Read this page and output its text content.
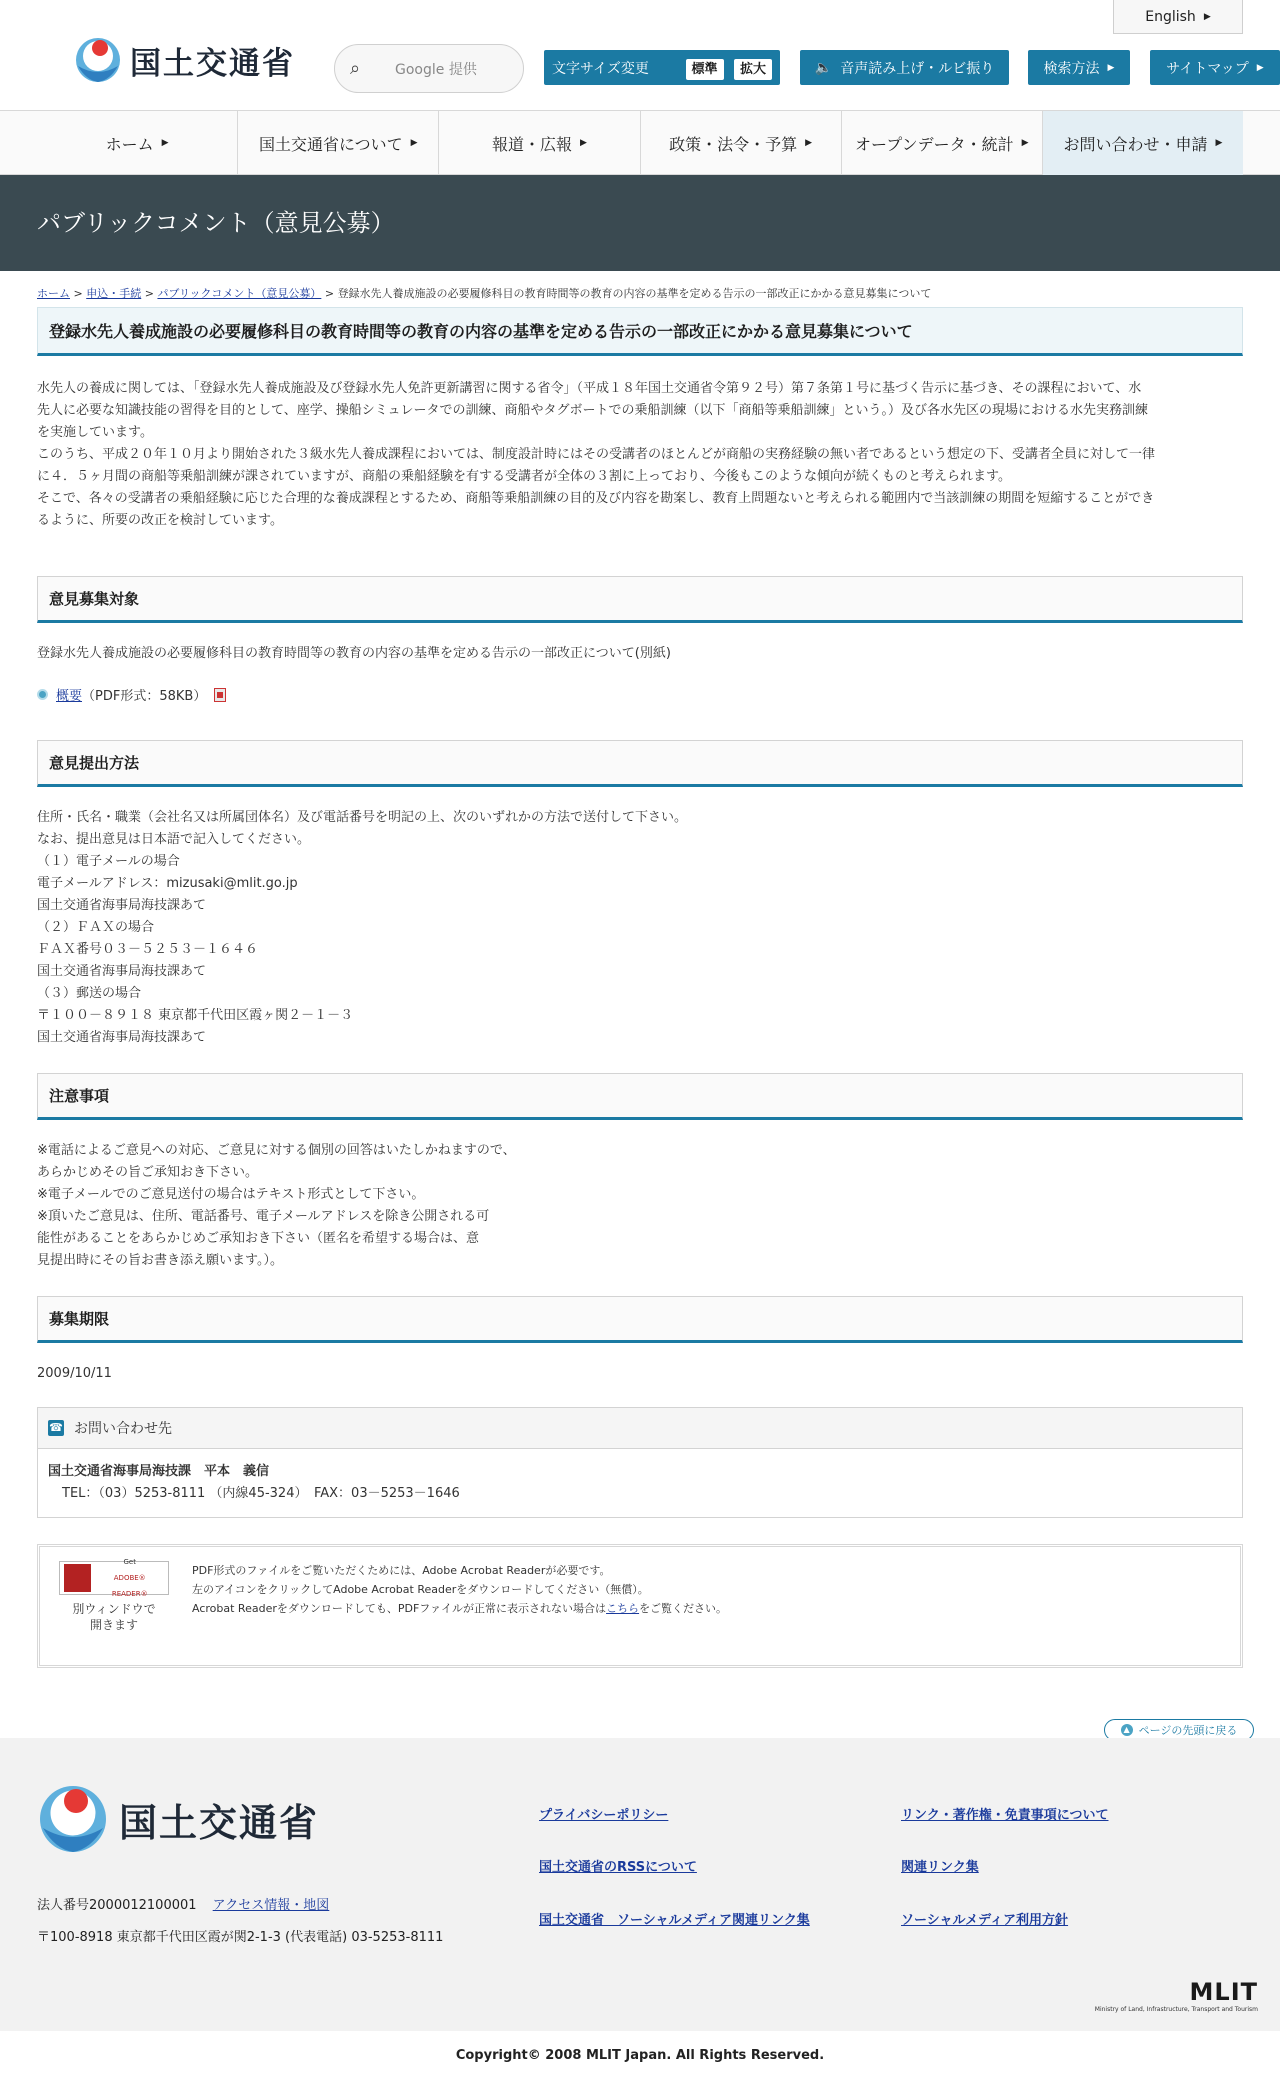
国土交通省	⌕	Google 提供	文字サイズ変更	標準 拡大	🔈 音声読み上げ・ルビ振り	検索方法 ▶	サイトマップ ▶
English ▶
ホーム ▶	国土交通省について ▶	報道・広報 ▶	政策・法令・予算 ▶	オープンデータ・統計 ▶ お問い合わせ・申請 ▶
パブリックコメント（意見公募）
ホーム > 申込・手続 > パブリックコメント（意見公募） > 登録水先人養成施設の必要履修科目の教育時間等の教育の内容の基準を定める告示の一部改正にかかる意見募集について
登録水先人養成施設の必要履修科目の教育時間等の教育の内容の基準を定める告示の一部改正にかかる意見募集について
水先人の養成に関しては、「登録水先人養成施設及び登録水先人免許更新講習に関する省令」（平成１８年国土交通省令第９２号）第７条第１号に基づく告示に基づき、その課程において、水
先人に必要な知識技能の習得を目的として、座学、操船シミュレータでの訓練、商船やタグボートでの乗船訓練（以下「商船等乗船訓練」という。）及び各水先区の現場における水先実務訓練
を実施しています。
このうち、平成２０年１０月より開始された３級水先人養成課程においては、制度設計時にはその受講者のほとんどが商船の実務経験の無い者であるという想定の下、受講者全員に対して一律
に４．５ヶ月間の商船等乗船訓練が課されていますが、商船の乗船経験を有する受講者が全体の３割に上っており、今後もこのような傾向が続くものと考えられます。
そこで、各々の受講者の乗船経験に応じた合理的な養成課程とするため、商船等乗船訓練の目的及び内容を勘案し、教育上問題ないと考えられる範囲内で当該訓練の期間を短縮することができ
るように、所要の改正を検討しています。
意見募集対象
登録水先人養成施設の必要履修科目の教育時間等の教育の内容の基準を定める告示の一部改正について(別紙)
概要 （PDF形式：58KB）
意見提出方法
住所・氏名・職業（会社名又は所属団体名）及び電話番号を明記の上、次のいずれかの方法で送付して下さい。
なお、提出意見は日本語で記入してください。
（１）電子メールの場合
電子メールアドレス：mizusaki@mlit.go.jp
国土交通省海事局海技課あて
（２）ＦＡＸの場合
ＦＡＸ番号０３－５２５３－１６４６
国土交通省海事局海技課あて
（３）郵送の場合
〒１００－８９１８ 東京都千代田区霞ヶ関２－１－３
国土交通省海事局海技課あて
注意事項
※電話によるご意見への対応、ご意見に対する個別の回答はいたしかねますので、
あらかじめその旨ご承知おき下さい。
※電子メールでのご意見送付の場合はテキスト形式として下さい。
※頂いたご意見は、住所、電話番号、電子メールアドレスを除き公開される可
能性があることをあらかじめご承知おき下さい（匿名を希望する場合は、意
見提出時にその旨お書き添え願います。）。
募集期限
2009/10/11
☎ お問い合わせ先
国土交通省海事局海技課　平本　義信
TEL：（03）5253-8111 （内線45-324）　FAX：03－5253－1646
Get
ADOBE® READER®
別ウィンドウで
開きます
PDF形式のファイルをご覧いただくためには、Adobe Acrobat Readerが必要です。
左のアイコンをクリックしてAdobe Acrobat Readerをダウンロードしてください（無償）。
Acrobat Readerをダウンロードしても、PDFファイルが正常に表示されない場合はこちらをご覧ください。
▲ ページの先頭に戻る
国土交通省
法人番号2000012100001 アクセス情報・地図
〒100-8918 東京都千代田区霞が関2-1-3 (代表電話) 03-5253-8111
プライバシーポリシー	リンク・著作権・免責事項について
国土交通省のRSSについて	関連リンク集
国土交通省　ソーシャルメディア関連リンク集	ソーシャルメディア利用方針
MLIT
Ministry of Land, Infrastructure, Transport and Tourism
Copyright© 2008 MLIT Japan. All Rights Reserved.
